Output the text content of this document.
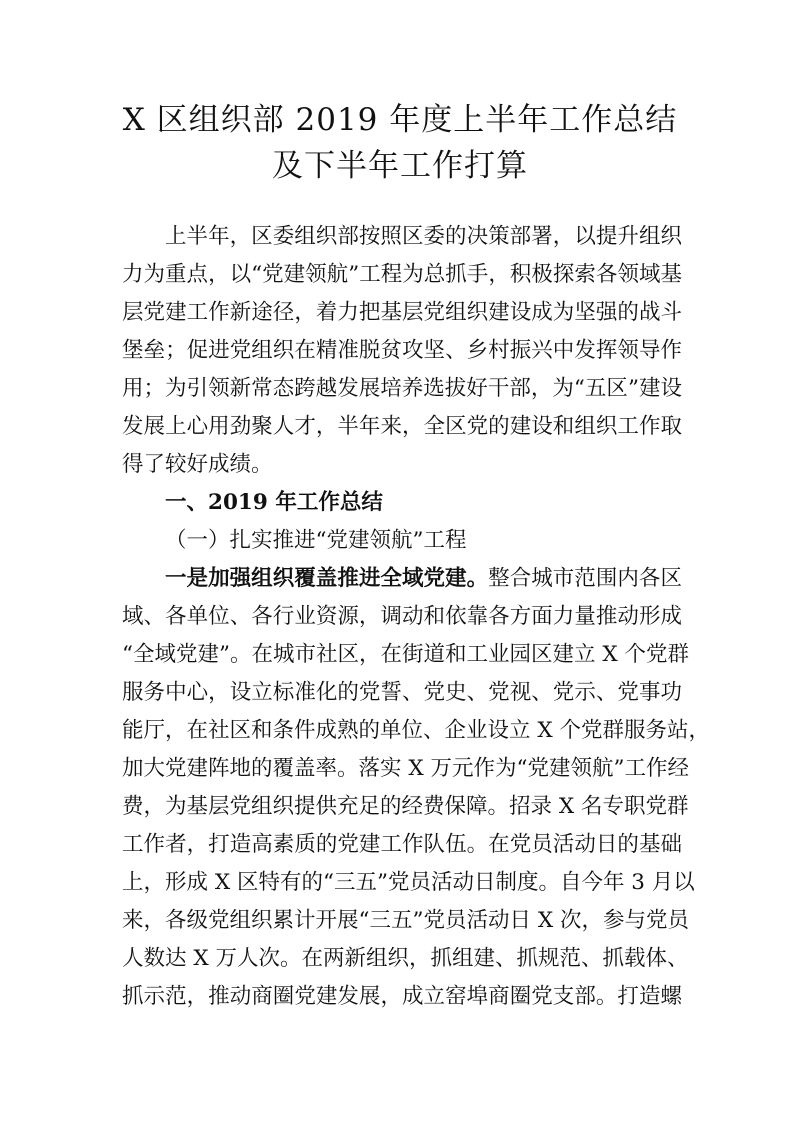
X 区组织部 2019 年度上半年工作总结
及下半年工作打算
上半年，区委组织部按照区委的决策部署，以提升组织
力为重点，以“党建领航”工程为总抓手，积极探索各领域基
层党建工作新途径，着力把基层党组织建设成为坚强的战斗
堡垒；促进党组织在精准脱贫攻坚、乡村振兴中发挥领导作
用；为引领新常态跨越发展培养选拔好干部，为“五区”建设
发展上心用劲聚人才，半年来，全区党的建设和组织工作取
得了较好成绩。
一、2019 年工作总结
（一）扎实推进“党建领航”工程
一是加强组织覆盖推进全域党建。整合城市范围内各区
域、各单位、各行业资源，调动和依靠各方面力量推动形成
“全域党建”。在城市社区，在街道和工业园区建立 X 个党群
服务中心，设立标准化的党誓、党史、党视、党示、党事功
能厅，在社区和条件成熟的单位、企业设立 X 个党群服务站，
加大党建阵地的覆盖率。落实 X 万元作为“党建领航”工作经
费，为基层党组织提供充足的经费保障。招录 X 名专职党群
工作者，打造高素质的党建工作队伍。在党员活动日的基础
上，形成 X 区特有的“三五”党员活动日制度。自今年 3 月以
来，各级党组织累计开展“三五”党员活动日 X 次，参与党员
人数达 X 万人次。在两新组织，抓组建、抓规范、抓载体、
抓示范，推动商圈党建发展，成立窑埠商圈党支部。打造螺
